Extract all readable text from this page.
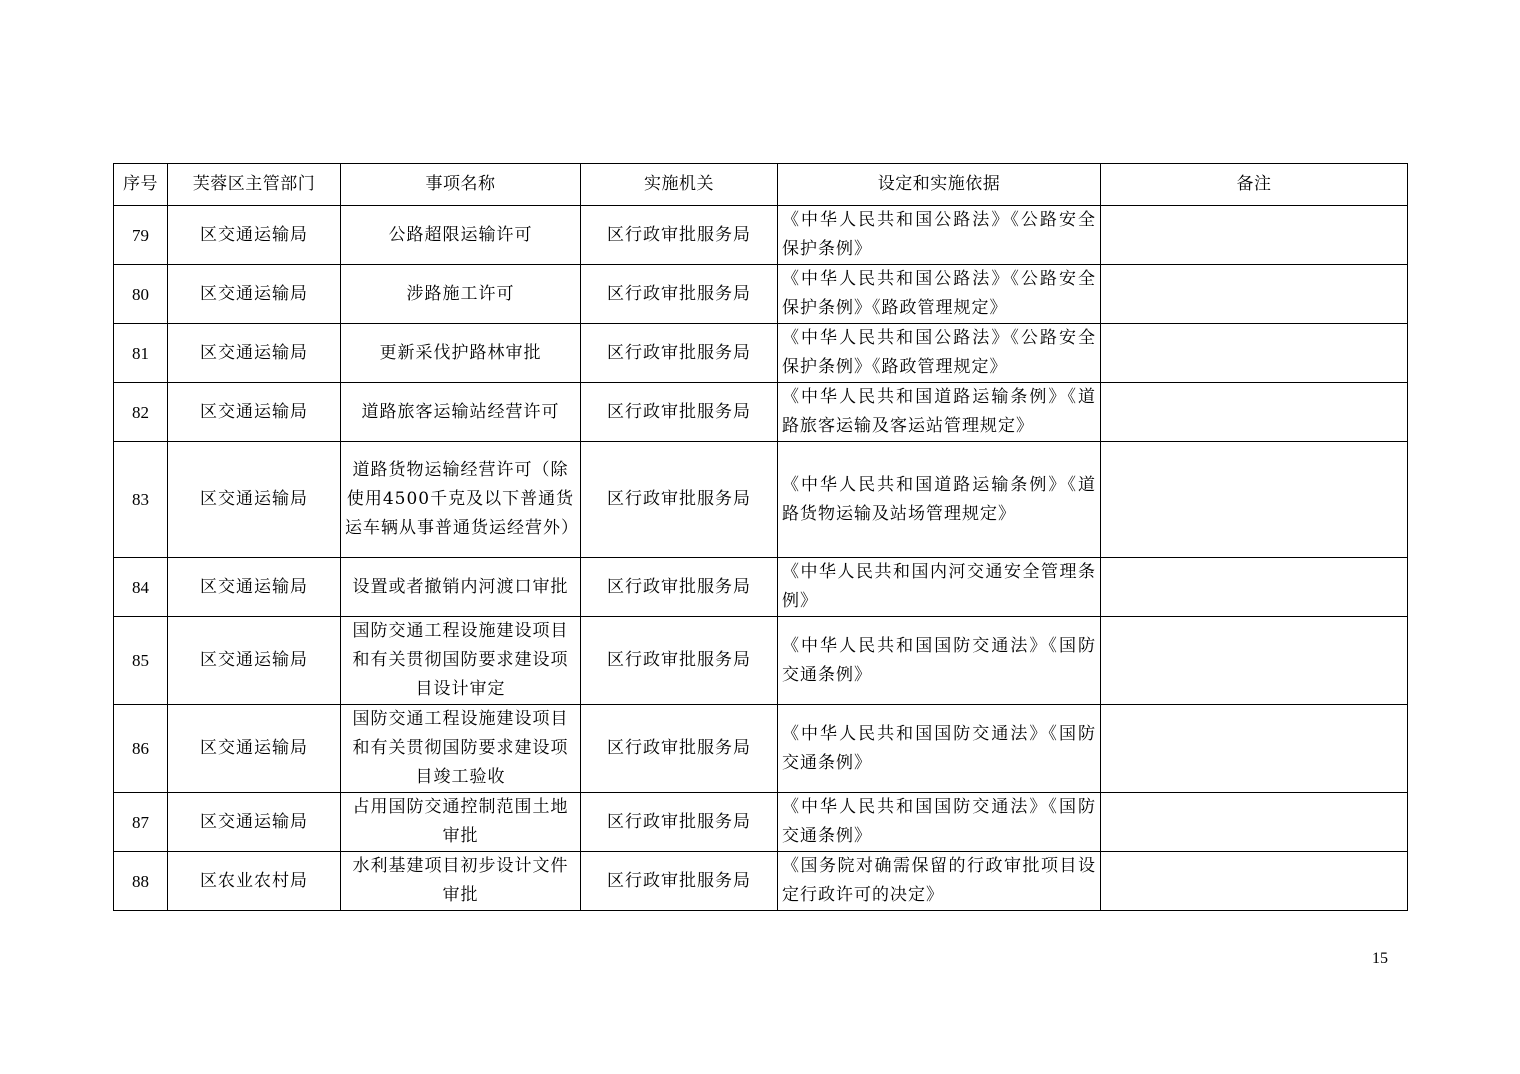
序号	芙蓉区主管部门	事项名称	实施机关	设定和实施依据	备注
79	区交通运输局	公路超限运输许可	区行政审批服务局	《中华人民共和国公路法》《公路安全保护条例》	
80	区交通运输局	涉路施工许可	区行政审批服务局	《中华人民共和国公路法》《公路安全保护条例》《路政管理规定》	
81	区交通运输局	更新采伐护路林审批	区行政审批服务局	《中华人民共和国公路法》《公路安全保护条例》《路政管理规定》	
82	区交通运输局	道路旅客运输站经营许可	区行政审批服务局	《中华人民共和国道路运输条例》《道路旅客运输及客运站管理规定》	
83	区交通运输局	道路货物运输经营许可（除使用4500千克及以下普通货运车辆从事普通货运经营外）	区行政审批服务局	《中华人民共和国道路运输条例》《道路货物运输及站场管理规定》	
84	区交通运输局	设置或者撤销内河渡口审批	区行政审批服务局	《中华人民共和国内河交通安全管理条例》	
85	区交通运输局	国防交通工程设施建设项目和有关贯彻国防要求建设项目设计审定	区行政审批服务局	《中华人民共和国国防交通法》《国防交通条例》	
86	区交通运输局	国防交通工程设施建设项目和有关贯彻国防要求建设项目竣工验收	区行政审批服务局	《中华人民共和国国防交通法》《国防交通条例》	
87	区交通运输局	占用国防交通控制范围土地审批	区行政审批服务局	《中华人民共和国国防交通法》《国防交通条例》	
88	区农业农村局	水利基建项目初步设计文件审批	区行政审批服务局	《国务院对确需保留的行政审批项目设定行政许可的决定》	
15
